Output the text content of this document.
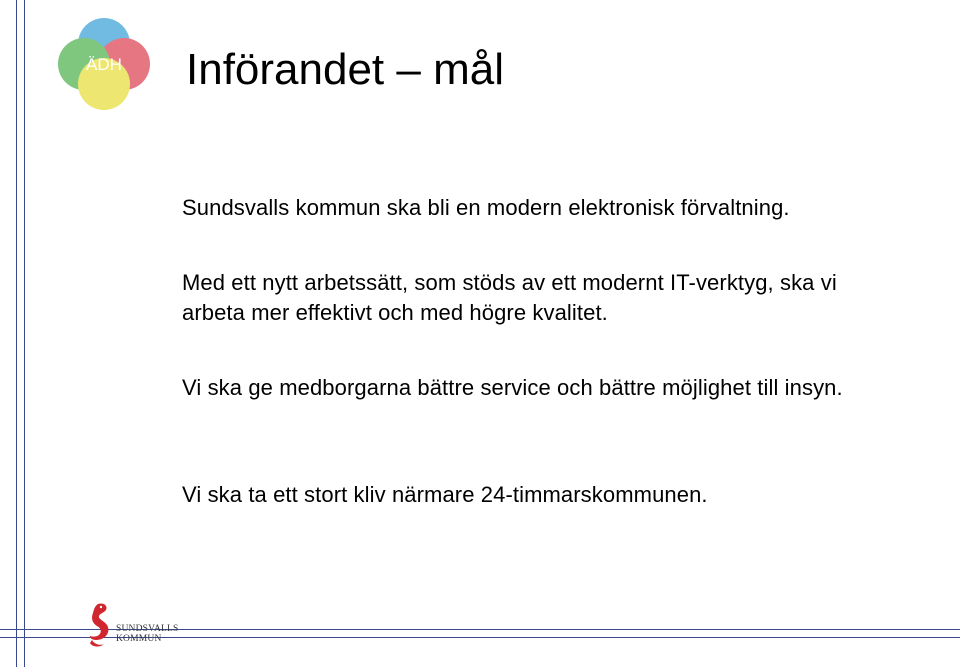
ÄDH Införandet – mål

Sundsvalls kommun ska bli en modern elektronisk förvaltning.

Med ett nytt arbetssätt, som stöds av ett modernt IT-verktyg, ska vi arbeta mer effektivt och med högre kvalitet.

Vi ska ge medborgarna bättre service och bättre möjlighet till insyn.

Vi ska ta ett stort kliv närmare 24-timmarskommunen.

SUNDSVALLS
KOMMUN
